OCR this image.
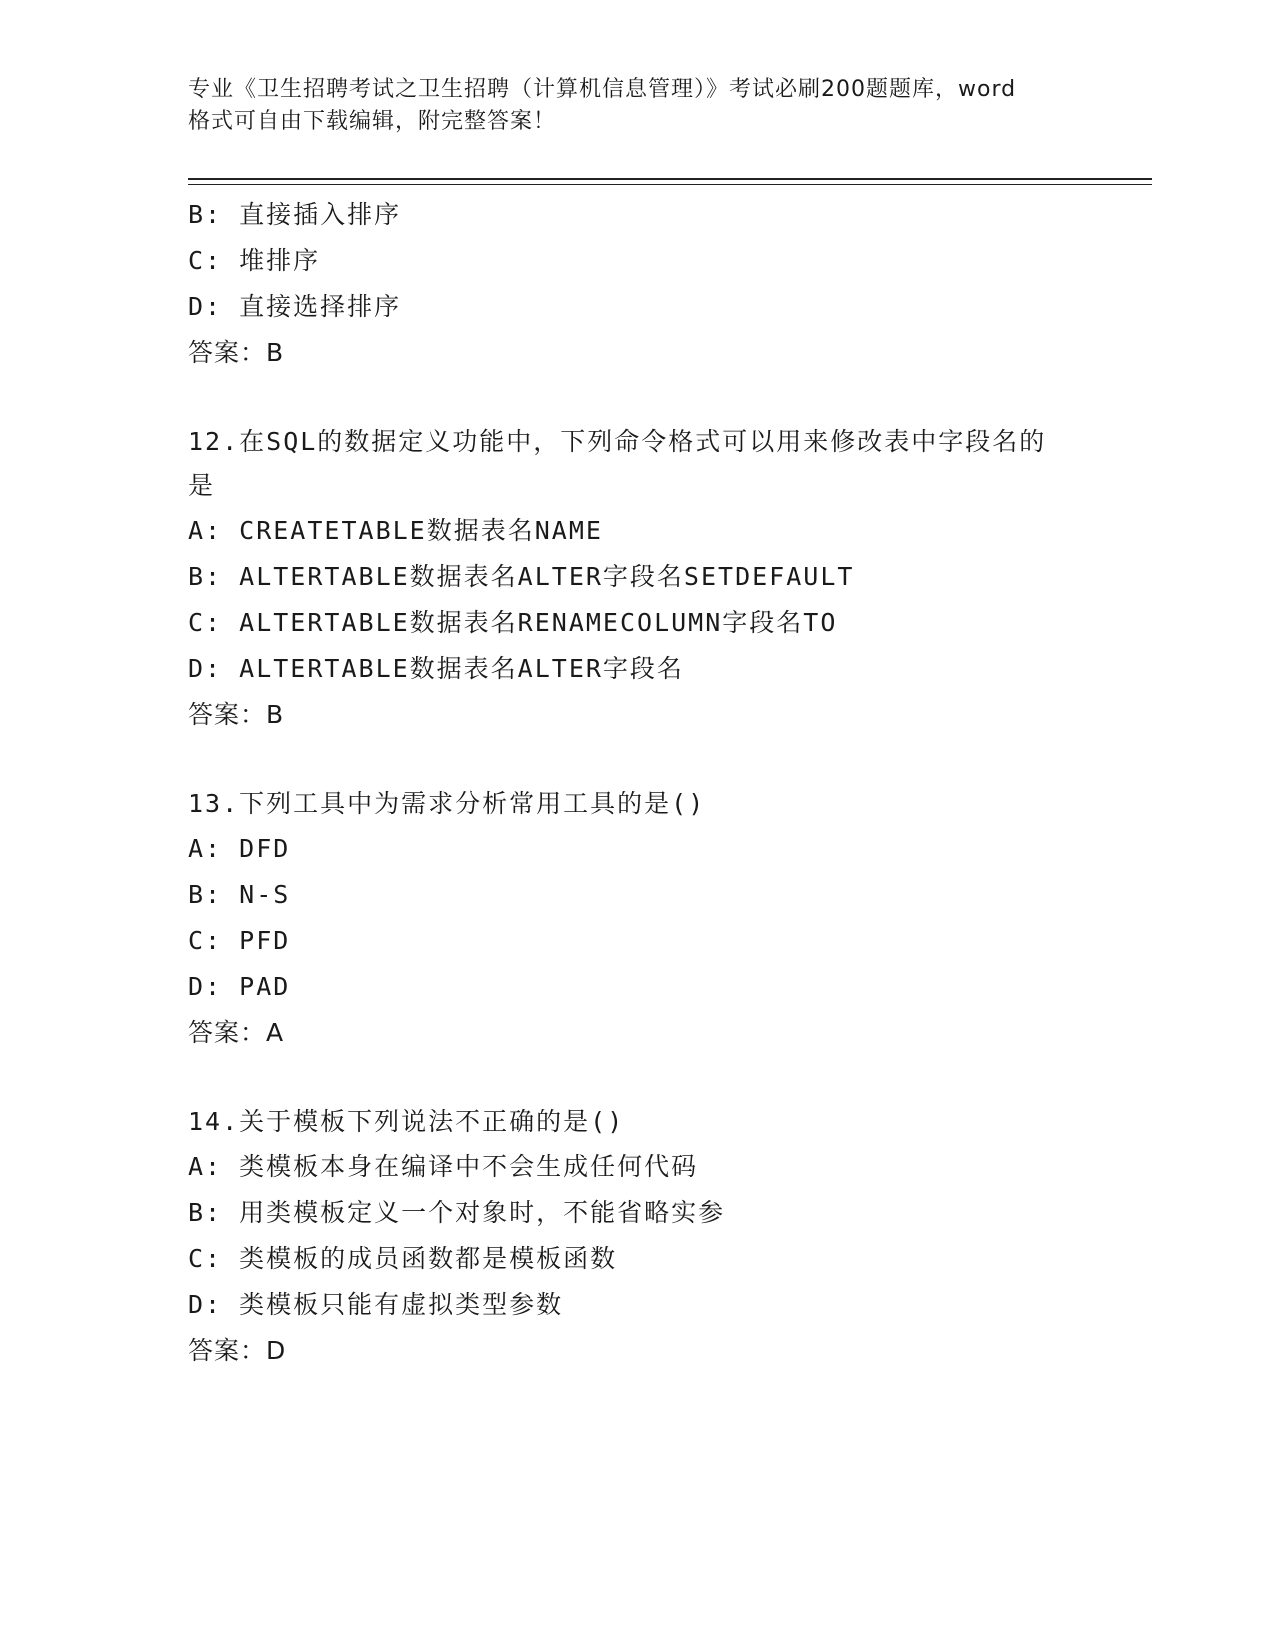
专业《卫生招聘考试之卫生招聘（计算机信息管理）》考试必刷200题题库，word
格式可自由下载编辑，附完整答案！
B: 直接插入排序
C: 堆排序
D: 直接选择排序
答案：B
12.在SQL的数据定义功能中，下列命令格式可以用来修改表中字段名的是
A: CREATETABLE数据表名NAME
B: ALTERTABLE数据表名ALTER字段名SETDEFAULT
C: ALTERTABLE数据表名RENAMECOLUMN字段名TO
D: ALTERTABLE数据表名ALTER字段名
答案：B
13.下列工具中为需求分析常用工具的是()
A: DFD
B: N-S
C: PFD
D: PAD
答案：A
14.关于模板下列说法不正确的是()
A: 类模板本身在编译中不会生成任何代码
B: 用类模板定义一个对象时，不能省略实参
C: 类模板的成员函数都是模板函数
D: 类模板只能有虚拟类型参数
答案：D
